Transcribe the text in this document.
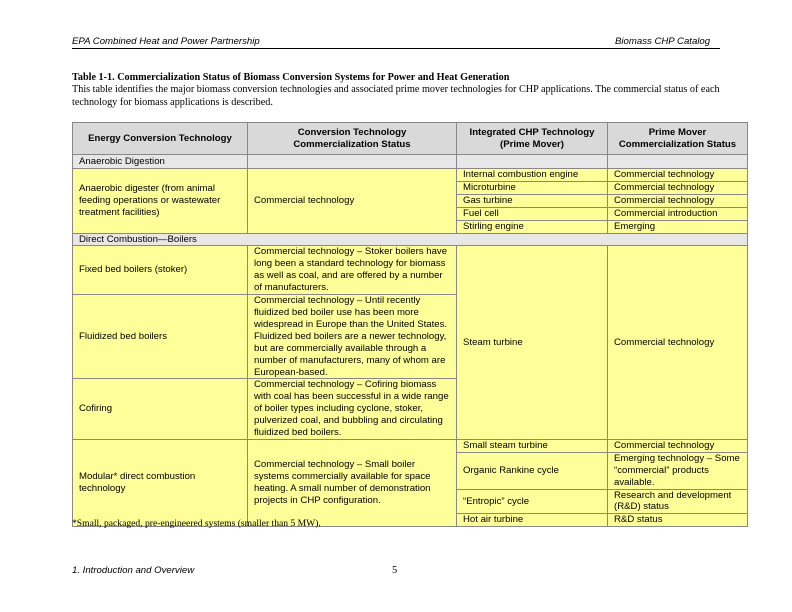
EPA Combined Heat and Power Partnership	Biomass CHP Catalog
Table 1-1. Commercialization Status of Biomass Conversion Systems for Power and Heat Generation
This table identifies the major biomass conversion technologies and associated prime mover technologies for CHP applications. The commercial status of each technology for biomass applications is described.
Energy Conversion Technology	Conversion Technology Commercialization Status	Integrated CHP Technology (Prime Mover)	Prime Mover Commercialization Status
Anaerobic Digestion			
Anaerobic digester (from animal feeding operations or wastewater treatment facilities)	Commercial technology	Internal combustion engine	Commercial technology
		Microturbine	Commercial technology
		Gas turbine	Commercial technology
		Fuel cell	Commercial introduction
		Stirling engine	Emerging
Direct Combustion—Boilers			
Fixed bed boilers (stoker)	Commercial technology – Stoker boilers have long been a standard technology for biomass as well as coal, and are offered by a number of manufacturers.	Steam turbine	Commercial technology
Fluidized bed boilers	Commercial technology – Until recently fluidized bed boiler use has been more widespread in Europe than the United States. Fluidized bed boilers are a newer technology, but are commercially available through a number of manufacturers, many of whom are European-based.		
Cofiring	Commercial technology – Cofiring biomass with coal has been successful in a wide range of boiler types including cyclone, stoker, pulverized coal, and bubbling and circulating fluidized bed boilers.		
Modular* direct combustion technology	Commercial technology – Small boiler systems commercially available for space heating. A small number of demonstration projects in CHP configuration.	Small steam turbine	Commercial technology
		Organic Rankine cycle	Emerging technology – Some “commercial” products available.
		“Entropic” cycle	Research and development (R&D) status
		Hot air turbine	R&D status
*Small, packaged, pre-engineered systems (smaller than 5 MW).
1. Introduction and Overview	5
